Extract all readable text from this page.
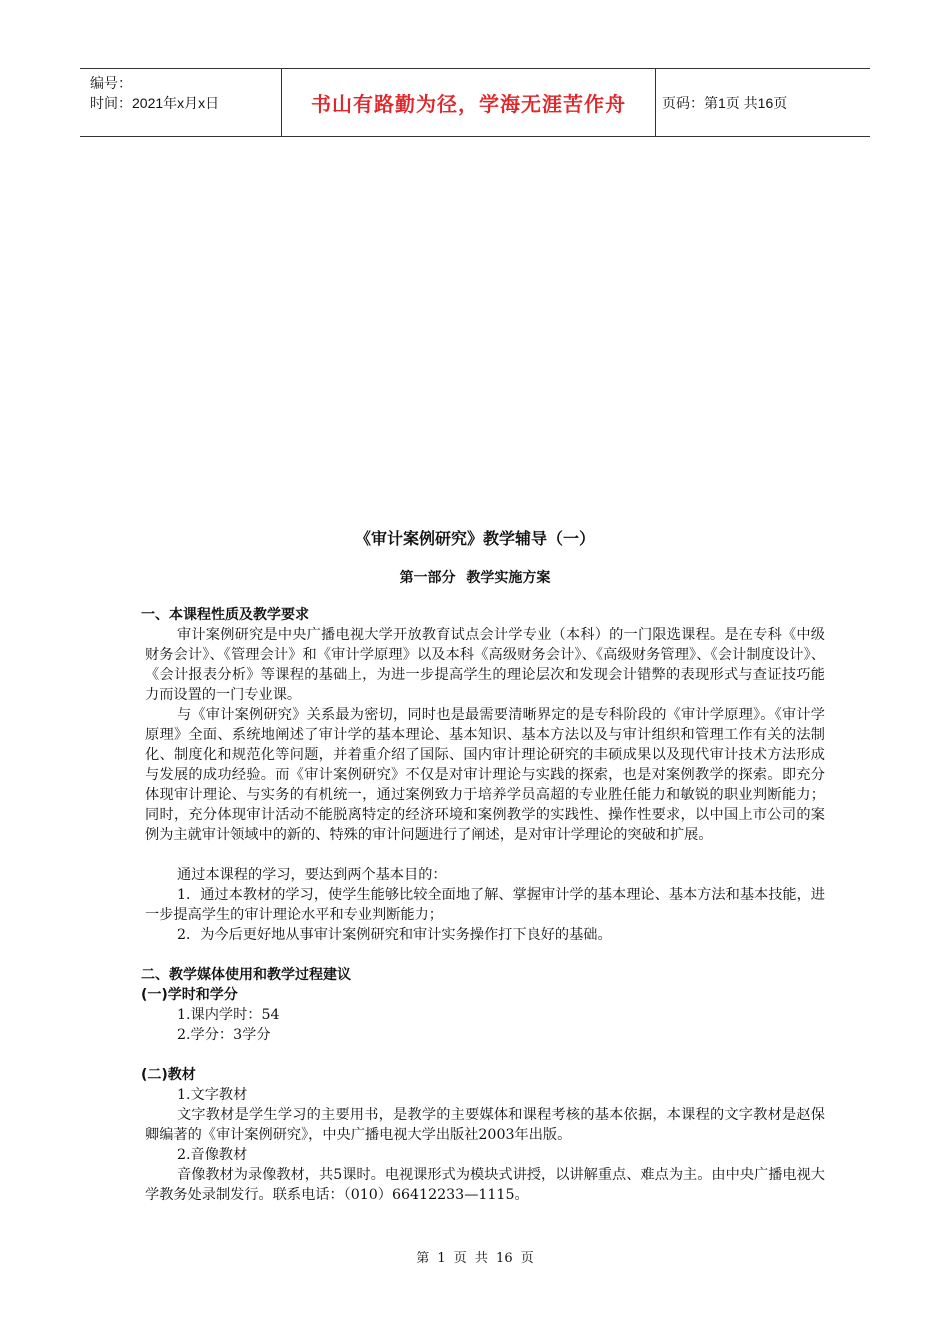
编号：
时间：2021年x月x日	书山有路勤为径，学海无涯苦作舟	页码：第1页 共16页
《审计案例研究》教学辅导（一）
第一部分 教学实施方案
一、本课程性质及教学要求

审计案例研究是中央广播电视大学开放教育试点会计学专业（本科）的一门限选课程。是在专科《中级财务会计》、《管理会计》和《审计学原理》以及本科《高级财务会计》、《高级财务管理》、《会计制度设计》、《会计报表分析》等课程的基础上，为进一步提高学生的理论层次和发现会计错弊的表现形式与查证技巧能力而设置的一门专业课。

与《审计案例研究》关系最为密切，同时也是最需要清晰界定的是专科阶段的《审计学原理》。《审计学原理》全面、系统地阐述了审计学的基本理论、基本知识、基本方法以及与审计组织和管理工作有关的法制化、制度化和规范化等问题，并着重介绍了国际、国内审计理论研究的丰硕成果以及现代审计技术方法形成与发展的成功经验。而《审计案例研究》不仅是对审计理论与实践的探索，也是对案例教学的探索。即充分体现审计理论、与实务的有机统一，通过案例致力于培养学员高超的专业胜任能力和敏锐的职业判断能力；同时，充分体现审计活动不能脱离特定的经济环境和案例教学的实践性、操作性要求，以中国上市公司的案例为主就审计领域中的新的、特殊的审计问题进行了阐述，是对审计学理论的突破和扩展。

通过本课程的学习，要达到两个基本目的：

1．通过本教材的学习，使学生能够比较全面地了解、掌握审计学的基本理论、基本方法和基本技能，进一步提高学生的审计理论水平和专业判断能力；

2．为今后更好地从事审计案例研究和审计实务操作打下良好的基础。

二、教学媒体使用和教学过程建议
(一)学时和学分

1.课内学时：54

2.学分：3学分

(二)教材

1.文字教材

文字教材是学生学习的主要用书，是教学的主要媒体和课程考核的基本依据，本课程的文字教材是赵保卿编著的《审计案例研究》，中央广播电视大学出版社2003年出版。

2.音像教材

音像教材为录像教材，共5课时。电视课形式为模块式讲授，以讲解重点、难点为主。由中央广播电视大学教务处录制发行。联系电话：（010）66412233—1115。

第 1 页 共 16 页
